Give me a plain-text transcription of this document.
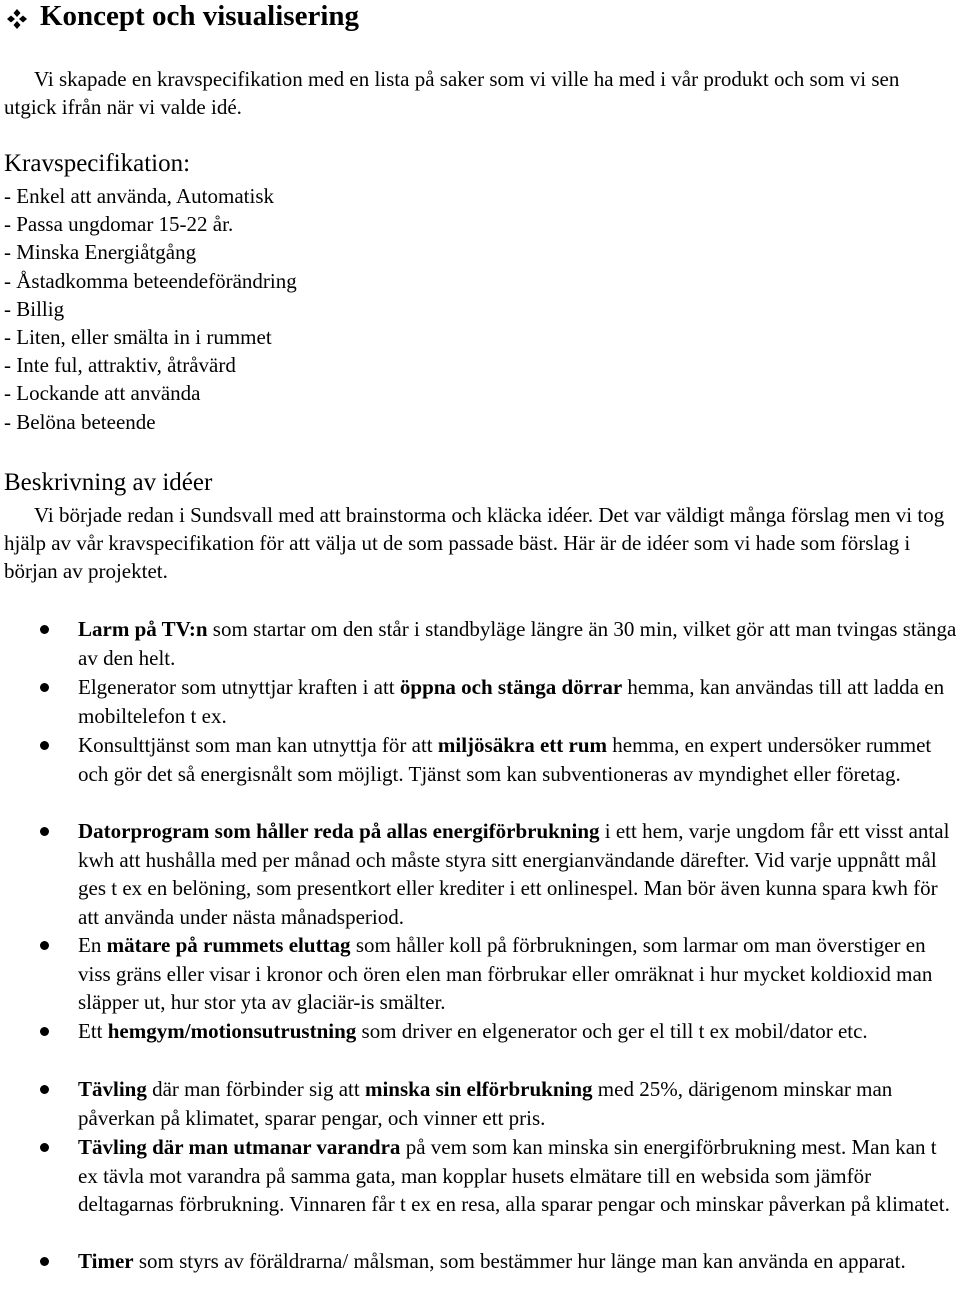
Koncept och visualisering

Vi skapade en kravspecifikation med en lista på saker som vi ville ha med i vår produkt och som vi sen utgick ifrån när vi valde idé.

Kravspecifikation:
- Enkel att använda, Automatisk
- Passa ungdomar 15-22 år.
- Minska Energiåtgång
- Åstadkomma beteendeförändring
- Billig
- Liten, eller smälta in i rummet
- Inte ful, attraktiv, åtråvärd
- Lockande att använda
- Belöna beteende
Beskrivning av idéer

Vi började redan i Sundsvall med att brainstorma och kläcka idéer. Det var väldigt många förslag men vi tog hjälp av vår kravspecifikation för att välja ut de som passade bäst. Här är de idéer som vi hade som förslag i början av projektet.

Larm på TV:n som startar om den står i standbyläge längre än 30 min, vilket gör att man tvingas stänga av den helt.
Elgenerator som utnyttjar kraften i att öppna och stänga dörrar hemma, kan användas till att ladda en mobiltelefon t ex.
Konsulttjänst som man kan utnyttja för att miljösäkra ett rum hemma, en expert undersöker rummet och gör det så energisnålt som möjligt. Tjänst som kan subventioneras av myndighet eller företag.
Datorprogram som håller reda på allas energiförbrukning i ett hem, varje ungdom får ett visst antal kwh att hushålla med per månad och måste styra sitt energianvändande därefter. Vid varje uppnått mål ges t ex en belöning, som presentkort eller krediter i ett onlinespel. Man bör även kunna spara kwh för att använda under nästa månadsperiod.
En mätare på rummets eluttag som håller koll på förbrukningen, som larmar om man överstiger en viss gräns eller visar i kronor och ören elen man förbrukar eller omräknat i hur mycket koldioxid man släpper ut, hur stor yta av glaciär-is smälter.
Ett hemgym/motionsutrustning som driver en elgenerator och ger el till t ex mobil/dator etc.
Tävling där man förbinder sig att minska sin elförbrukning med 25%, därigenom minskar man påverkan på klimatet, sparar pengar, och vinner ett pris.
Tävling där man utmanar varandra på vem som kan minska sin energiförbrukning mest. Man kan t ex tävla mot varandra på samma gata, man kopplar husets elmätare till en websida som jämför deltagarnas förbrukning. Vinnaren får t ex en resa, alla sparar pengar och minskar påverkan på klimatet.
Timer som styrs av föräldrarna/ målsman, som bestämmer hur länge man kan använda en apparat.
